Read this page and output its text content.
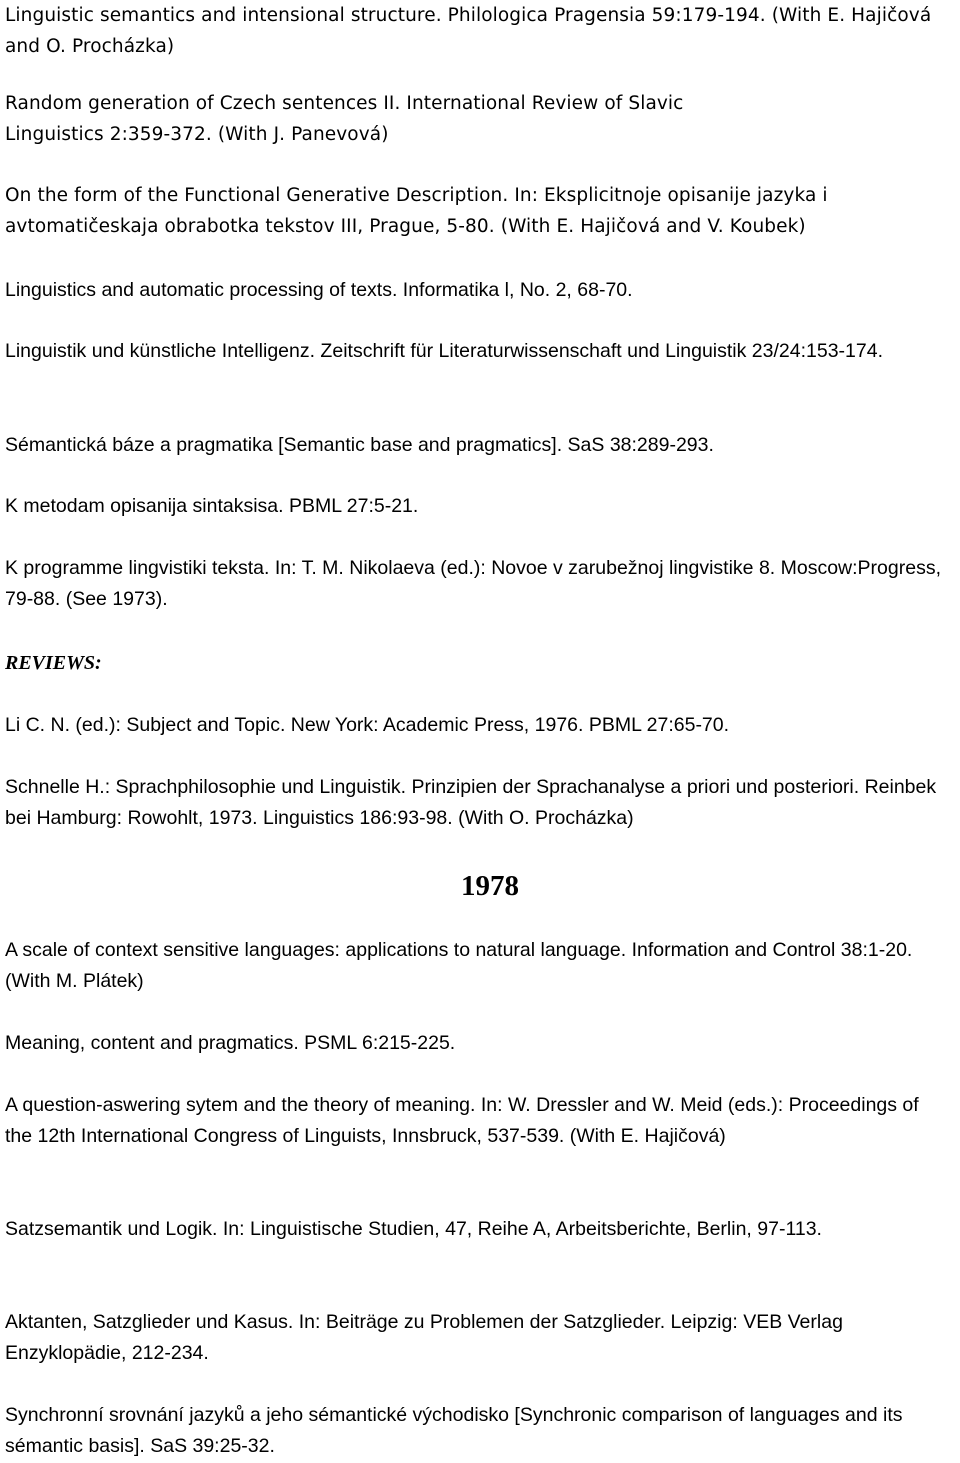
Linguistic semantics and intensional structure. Philologica Pragensia 59:179-194. (With E. Hajičová and O. Procházka)

Random generation of Czech sentences II. International Review of Slavic Linguistics 2:359-372. (With J. Panevová)

On the form of the Functional Generative Description. In: Eksplicitnoje opisanije jazyka i avtomatičeskaja obrabotka tekstov III, Prague, 5-80. (With E. Hajičová and V. Koubek)

Linguistics and automatic processing of texts. Informatika l, No. 2, 68-70.

Linguistik und künstliche Intelligenz. Zeitschrift für Literaturwissenschaft und Linguistik 23/24:153-174.

Sémantická báze a pragmatika [Semantic base and pragmatics]. SaS 38:289-293.

K metodam opisanija sintaksisa. PBML 27:5-21.

K programme lingvistiki teksta. In: T. M. Nikolaeva (ed.): Novoe v zarubežnoj lingvistike 8. Moscow:Progress, 79-88. (See 1973).

REVIEWS:

Li C. N. (ed.): Subject and Topic. New York: Academic Press, 1976. PBML 27:65-70.

Schnelle H.: Sprachphilosophie und Linguistik. Prinzipien der Sprachanalyse a priori und posteriori. Reinbek bei Hamburg: Rowohlt, 1973. Linguistics 186:93-98. (With O. Procházka)

1978

A scale of context sensitive languages: applications to natural language. Information and Control 38:1-20. (With M. Plátek)

Meaning, content and pragmatics. PSML 6:215-225.

A question-aswering sytem and the theory of meaning. In: W. Dressler and W. Meid (eds.): Proceedings of the 12th International Congress of Linguists, Innsbruck, 537-539. (With E. Hajičová)

Satzsemantik und Logik. In: Linguistische Studien, 47, Reihe A, Arbeitsberichte, Berlin, 97-113.

Aktanten, Satzglieder und Kasus. In: Beiträge zu Problemen der Satzglieder. Leipzig: VEB Verlag Enzyklopädie, 212-234.

Synchronní srovnání jazyků a jeho sémantické východisko [Synchronic comparison of languages and its sémantic basis]. SaS 39:25-32.
